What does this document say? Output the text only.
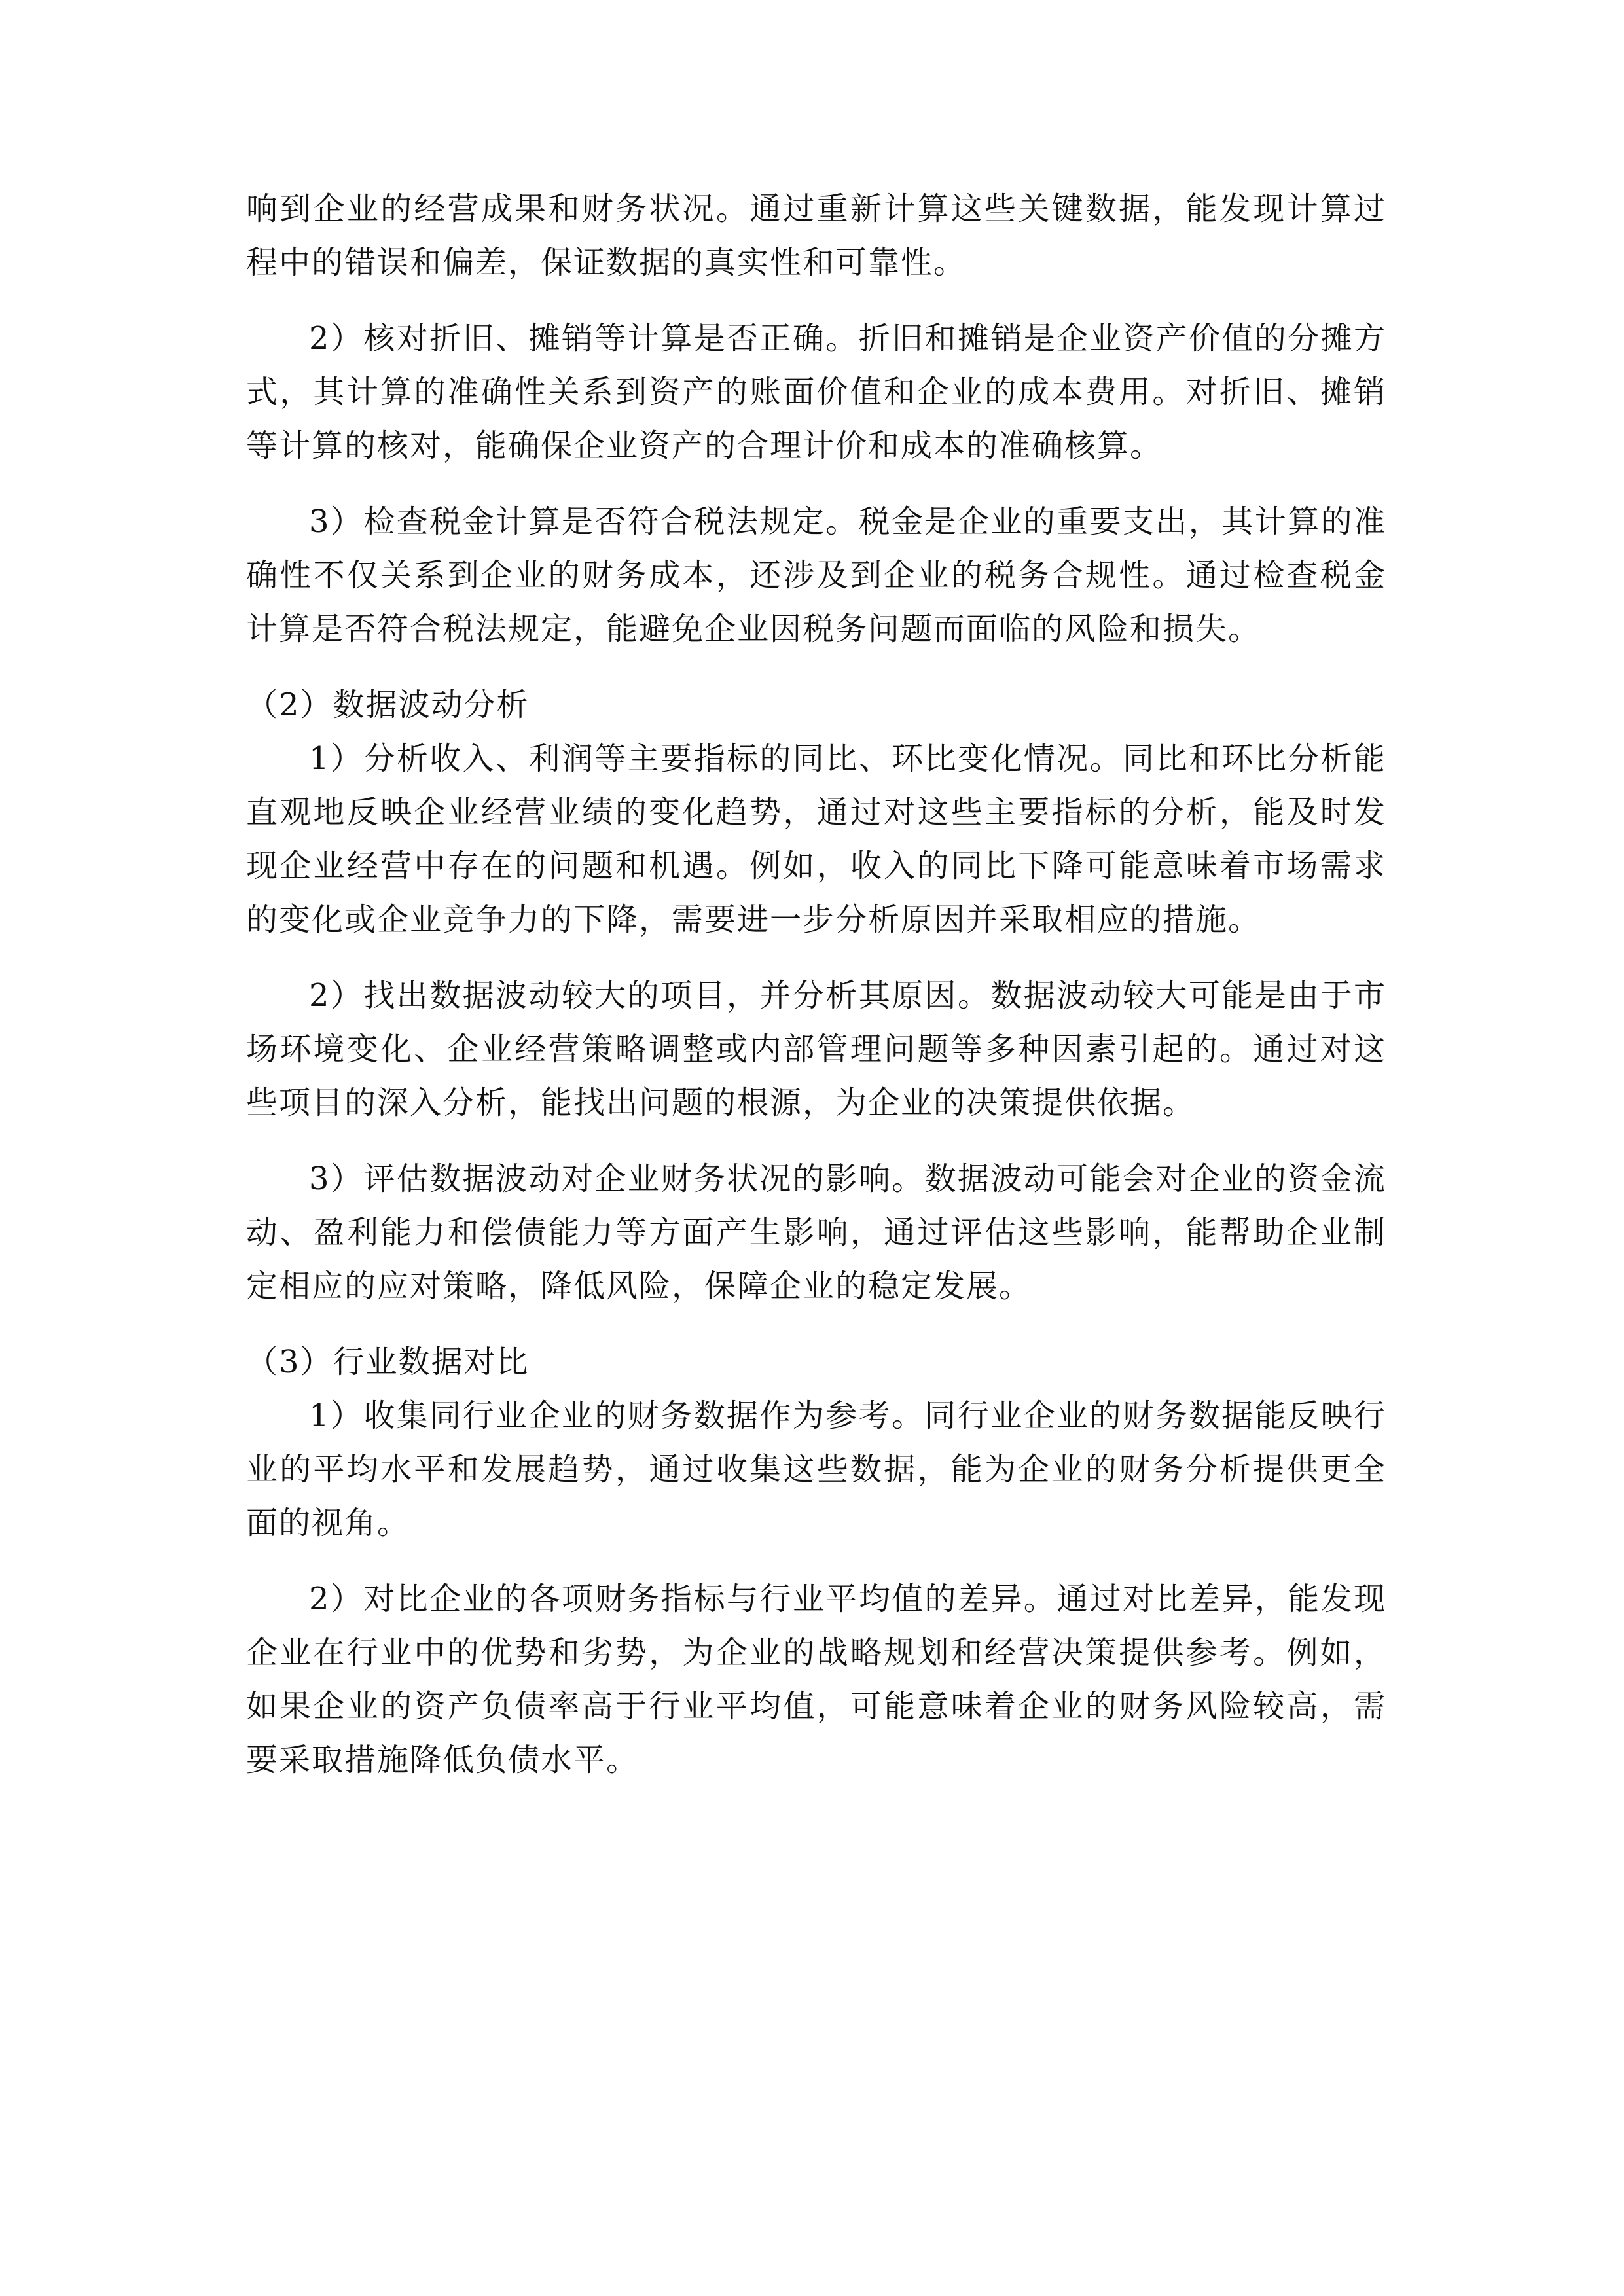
响到企业的经营成果和财务状况。通过重新计算这些关键数据，能发现计算过程中的错误和偏差，保证数据的真实性和可靠性。

2）核对折旧、摊销等计算是否正确。折旧和摊销是企业资产价值的分摊方式，其计算的准确性关系到资产的账面价值和企业的成本费用。对折旧、摊销等计算的核对，能确保企业资产的合理计价和成本的准确核算。

3）检查税金计算是否符合税法规定。税金是企业的重要支出，其计算的准确性不仅关系到企业的财务成本，还涉及到企业的税务合规性。通过检查税金计算是否符合税法规定，能避免企业因税务问题而面临的风险和损失。

（2）数据波动分析

1）分析收入、利润等主要指标的同比、环比变化情况。同比和环比分析能直观地反映企业经营业绩的变化趋势，通过对这些主要指标的分析，能及时发现企业经营中存在的问题和机遇。例如，收入的同比下降可能意味着市场需求的变化或企业竞争力的下降，需要进一步分析原因并采取相应的措施。

2）找出数据波动较大的项目，并分析其原因。数据波动较大可能是由于市场环境变化、企业经营策略调整或内部管理问题等多种因素引起的。通过对这些项目的深入分析，能找出问题的根源，为企业的决策提供依据。

3）评估数据波动对企业财务状况的影响。数据波动可能会对企业的资金流动、盈利能力和偿债能力等方面产生影响，通过评估这些影响，能帮助企业制定相应的应对策略，降低风险，保障企业的稳定发展。

（3）行业数据对比

1）收集同行业企业的财务数据作为参考。同行业企业的财务数据能反映行业的平均水平和发展趋势，通过收集这些数据，能为企业的财务分析提供更全面的视角。

2）对比企业的各项财务指标与行业平均值的差异。通过对比差异，能发现企业在行业中的优势和劣势，为企业的战略规划和经营决策提供参考。例如，如果企业的资产负债率高于行业平均值，可能意味着企业的财务风险较高，需要采取措施降低负债水平。
